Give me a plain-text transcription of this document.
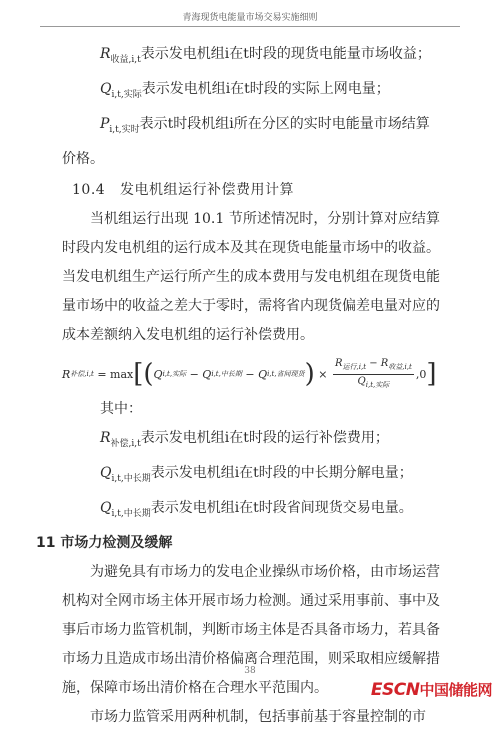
青海现货电能量市场交易实施细则
$R_{收益,i,t}$表示发电机组i在t时段的现货电能量市场收益；
$Q_{i,t,实际}$表示发电机组i在t时段的实际上网电量；
$P_{i,t,实时}$表示t时段机组i所在分区的实时电能量市场结算
价格。
10.4 发电机组运行补偿费用计算
当机组运行出现 10.1 节所述情况时，分别计算对应结算时段内发电机组的运行成本及其在现货电能量市场中的收益。当发电机组生产运行所产生的成本费用与发电机组在现货电能量市场中的收益之差大于零时，需将省内现货偏差电量对应的成本差额纳入发电机组的运行补偿费用。
R 补偿,i,t
= max [ ( Q i,t,实际 − Q i,t,中长期 − Q i,t,省间现货 ) × $\frac{R_{运行,i,t} - R_{收益,i,t}}{Q_{i,t,实际}} ,0$ ]
其中：
$R_{补偿,i,t}$表示发电机组i在t时段的运行补偿费用；
$Q_{i,t,中长期}$表示发电机组i在t时段的中长期分解电量；
$Q_{i,t,中长期}$表示发电机组i在t时段省间现货交易电量。
11 市场力检测及缓解
为避免具有市场力的发电企业操纵市场价格，由市场运营机构对全网市场主体开展市场力检测。通过采用事前、事中及事后市场力监管机制，判断市场主体是否具备市场力，若具备市场力且造成市场出清价格偏离合理范围，则采取相应缓解措施，保障市场出清价格在合理水平范围内。
市场力监管采用两种机制，包括事前基于容量控制的市
38
ESCN中国储能网
